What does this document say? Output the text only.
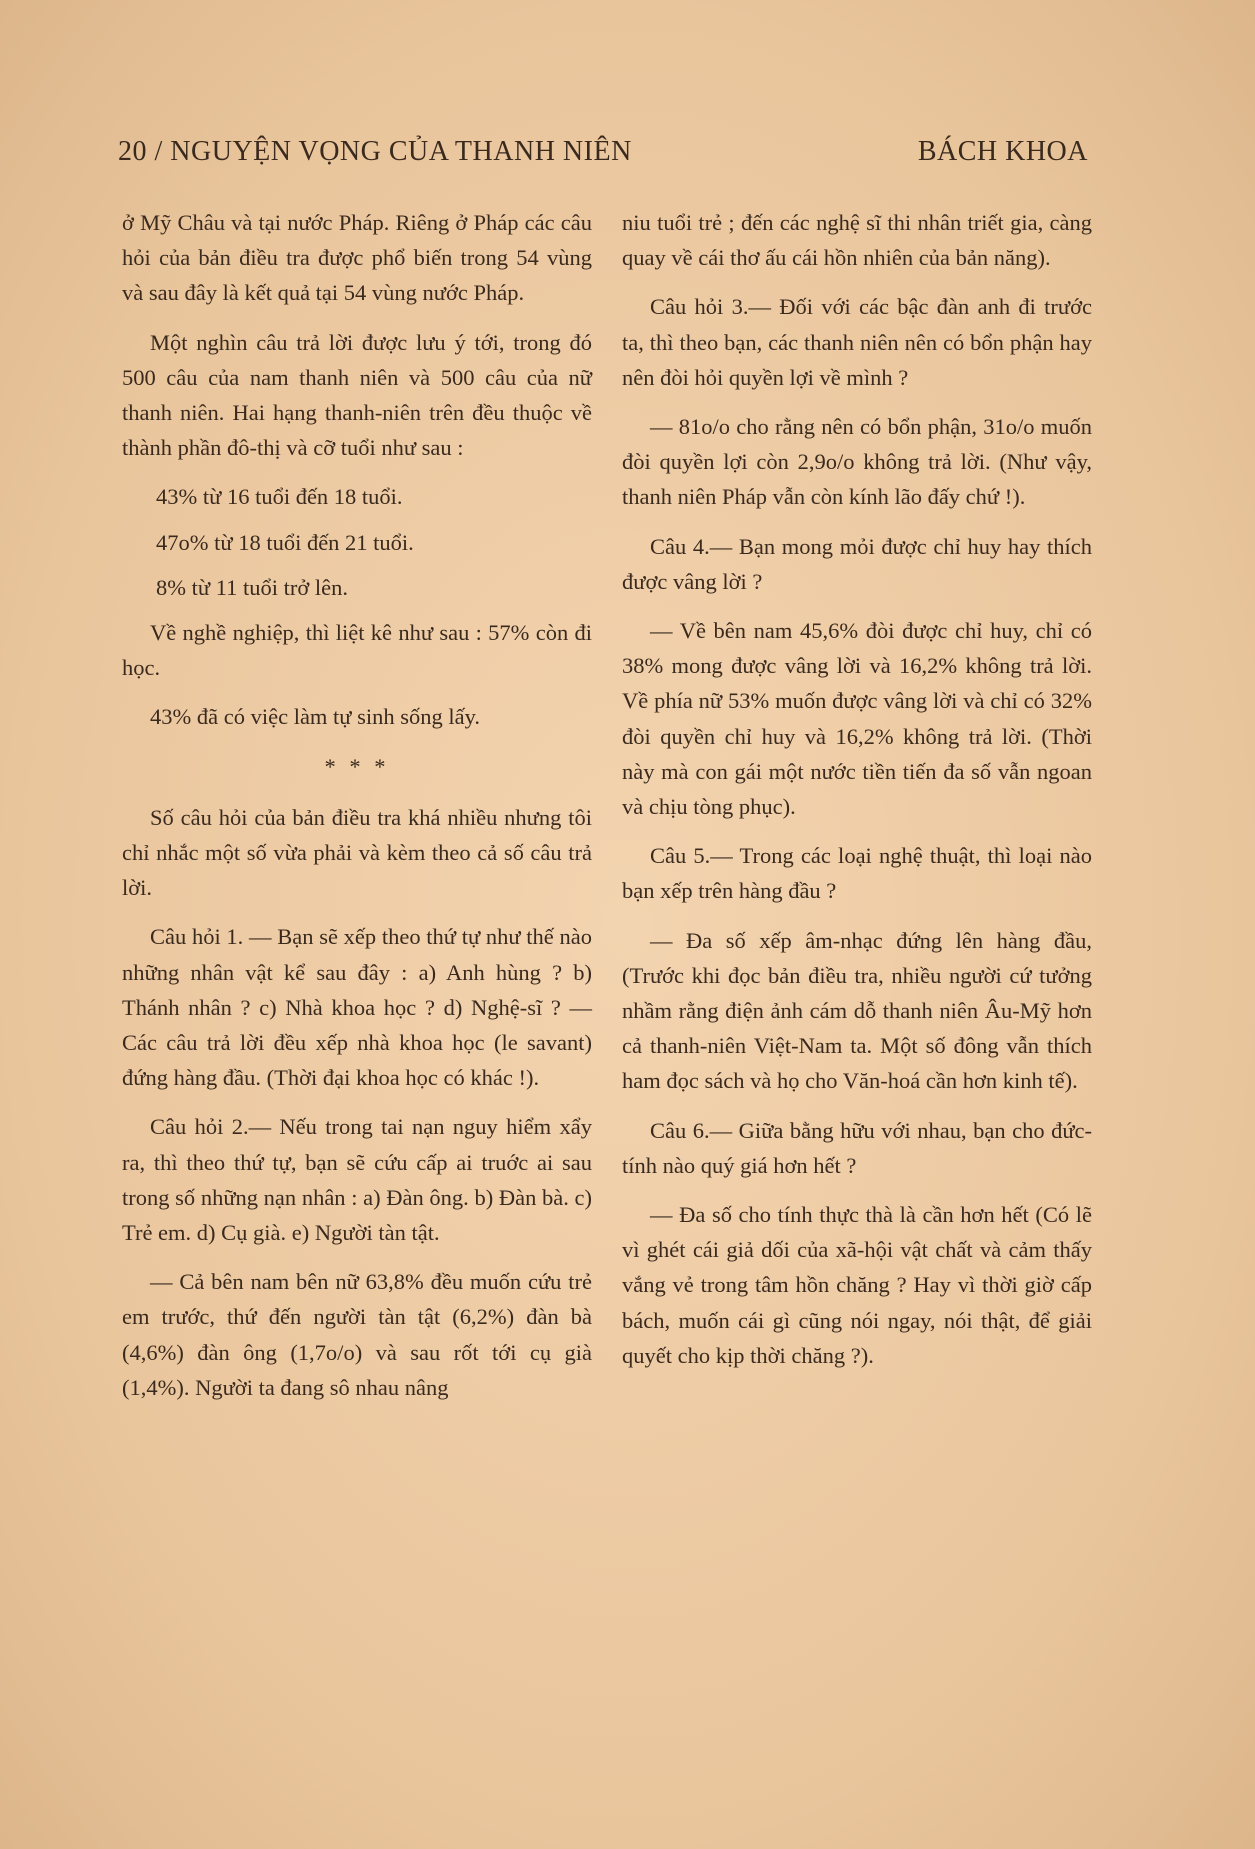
20 / NGUYỆN VỌNG CỦA THANH NIÊN	BÁCH KHOA

ở Mỹ Châu và tại nước Pháp. Riêng ở Pháp các câu hỏi của bản điều tra được phổ biến trong 54 vùng và sau đây là kết quả tại 54 vùng nước Pháp.

Một nghìn câu trả lời được lưu ý tới, trong đó 500 câu của nam thanh niên và 500 câu của nữ thanh niên. Hai hạng thanh-niên trên đều thuộc về thành phần đô-thị và cỡ tuổi như sau :

43% từ 16 tuổi đến 18 tuổi.

47o% từ 18 tuổi đến 21 tuổi.

8% từ 11 tuổi trở lên.

Về nghề nghiệp, thì liệt kê như sau : 57% còn đi học.

43% đã có việc làm tự sinh sống lấy.

* * *

Số câu hỏi của bản điều tra khá nhiều nhưng tôi chỉ nhắc một số vừa phải và kèm theo cả số câu trả lời.

Câu hỏi 1. — Bạn sẽ xếp theo thứ tự như thế nào những nhân vật kể sau đây : a) Anh hùng ? b) Thánh nhân ? c) Nhà khoa học ? d) Nghệ-sĩ ? — Các câu trả lời đều xếp nhà khoa học (le savant) đứng hàng đầu. (Thời đại khoa học có khác !).

Câu hỏi 2.— Nếu trong tai nạn nguy hiểm xẩy ra, thì theo thứ tự, bạn sẽ cứu cấp ai truớc ai sau trong số những nạn nhân : a) Đàn ông. b) Đàn bà. c) Trẻ em. d) Cụ già. e) Người tàn tật.

— Cả bên nam bên nữ 63,8% đều muốn cứu trẻ em trước, thứ đến người tàn tật (6,2%) đàn bà (4,6%) đàn ông (1,7o/o) và sau rốt tới cụ già (1,4%). Người ta đang sô nhau nâng

niu tuổi trẻ ; đến các nghệ sĩ thi nhân triết gia, càng quay về cái thơ ấu cái hồn nhiên của bản năng).

Câu hỏi 3.— Đối với các bậc đàn anh đi trước ta, thì theo bạn, các thanh niên nên có bổn phận hay nên đòi hỏi quyền lợi về mình ?

— 81o/o cho rằng nên có bổn phận, 31o/o muốn đòi quyền lợi còn 2,9o/o không trả lời. (Như vậy, thanh niên Pháp vẫn còn kính lão đấy chứ !).

Câu 4.— Bạn mong mỏi được chỉ huy hay thích được vâng lời ?

— Về bên nam 45,6% đòi được chỉ huy, chỉ có 38% mong được vâng lời và 16,2% không trả lời. Về phía nữ 53% muốn được vâng lời và chỉ có 32% đòi quyền chỉ huy và 16,2% không trả lời. (Thời này mà con gái một nước tiền tiến đa số vẫn ngoan và chịu tòng phục).

Câu 5.— Trong các loại nghệ thuật, thì loại nào bạn xếp trên hàng đầu ?

— Đa số xếp âm-nhạc đứng lên hàng đầu, (Trước khi đọc bản điều tra, nhiều người cứ tưởng nhầm rằng điện ảnh cám dỗ thanh niên Âu-Mỹ hơn cả thanh-niên Việt-Nam ta. Một số đông vẫn thích ham đọc sách và họ cho Văn-hoá cần hơn kinh tế).

Câu 6.— Giữa bằng hữu với nhau, bạn cho đức-tính nào quý giá hơn hết ?

— Đa số cho tính thực thà là cần hơn hết (Có lẽ vì ghét cái giả dối của xã-hội vật chất và cảm thấy vắng vẻ trong tâm hồn chăng ? Hay vì thời giờ cấp bách, muốn cái gì cũng nói ngay, nói thật, để giải quyết cho kịp thời chăng ?).
